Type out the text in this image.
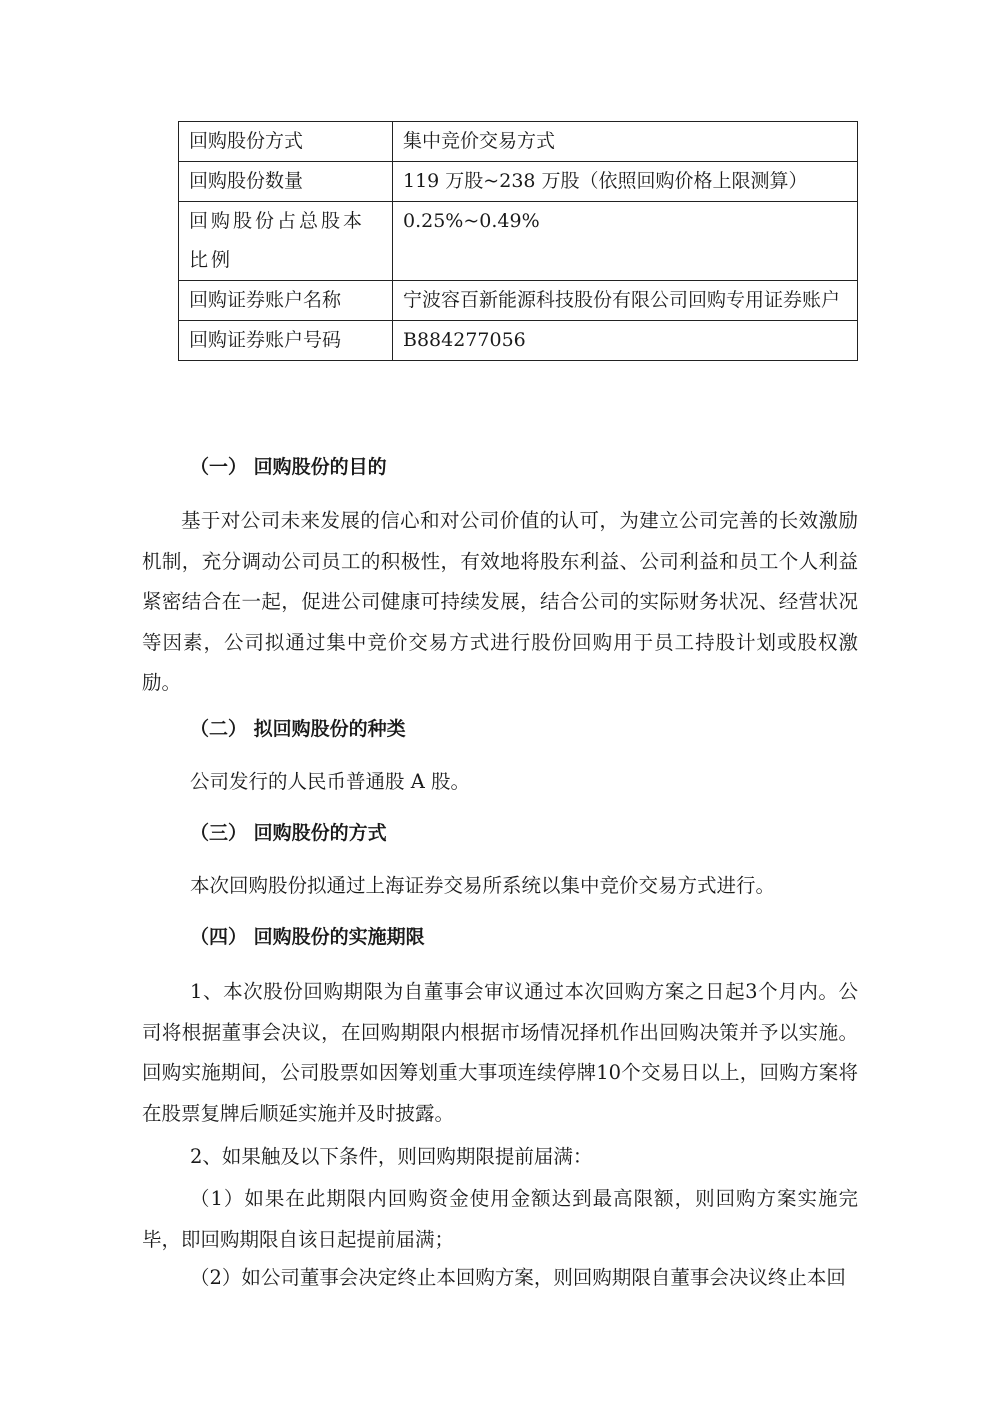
回购股份方式	集中竞价交易方式
回购股份数量	119 万股~238 万股（依照回购价格上限测算）
回购股份占总股本比例	0.25%~0.49%
回购证券账户名称	宁波容百新能源科技股份有限公司回购专用证券账户
回购证券账户号码	B884277056
（一） 回购股份的目的
基于对公司未来发展的信心和对公司价值的认可，为建立公司完善的长效激励机制，充分调动公司员工的积极性，有效地将股东利益、公司利益和员工个人利益紧密结合在一起，促进公司健康可持续发展，结合公司的实际财务状况、经营状况等因素，公司拟通过集中竞价交易方式进行股份回购用于员工持股计划或股权激励。
（二） 拟回购股份的种类
公司发行的人民币普通股 A 股。
（三） 回购股份的方式
本次回购股份拟通过上海证券交易所系统以集中竞价交易方式进行。
（四） 回购股份的实施期限
1、本次股份回购期限为自董事会审议通过本次回购方案之日起3个月内。公司将根据董事会决议，在回购期限内根据市场情况择机作出回购决策并予以实施。回购实施期间，公司股票如因筹划重大事项连续停牌10个交易日以上，回购方案将在股票复牌后顺延实施并及时披露。
2、如果触及以下条件，则回购期限提前届满：
（1）如果在此期限内回购资金使用金额达到最高限额，则回购方案实施完毕，即回购期限自该日起提前届满；
（2）如公司董事会决定终止本回购方案，则回购期限自董事会决议终止本回
